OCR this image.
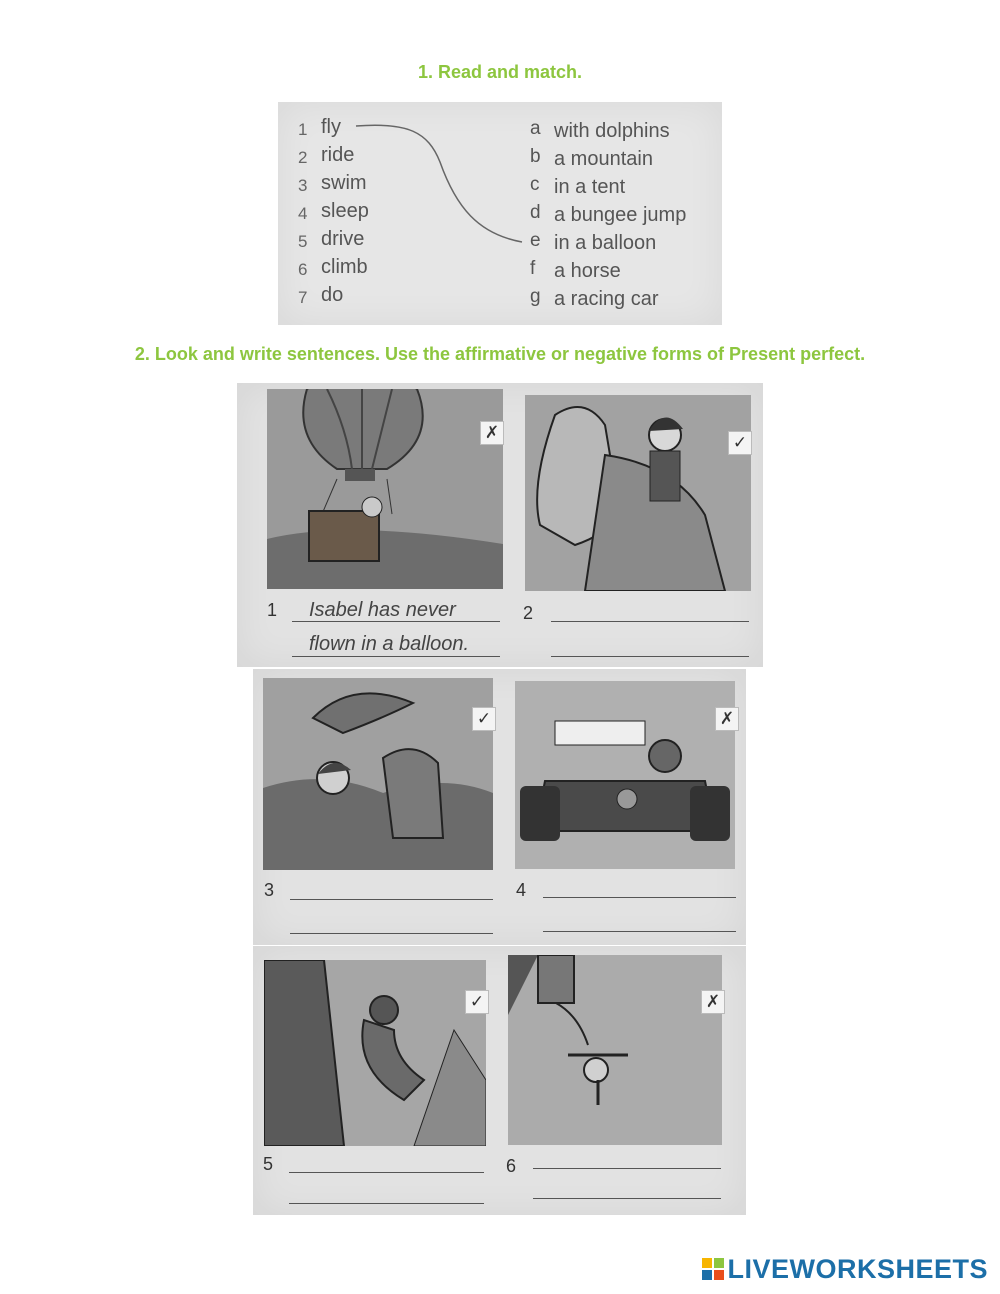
1. Read and match.
1 fly
2 ride
3 swim
4 sleep
5 drive
6 climb
7 do
a with dolphins
b a mountain
c in a tent
d a bungee jump
e in a balloon
f a horse
g a racing car
2. Look and write sentences. Use the affirmative or negative forms of Present perfect.
✗	✓
1 Isabel has never
flown in a balloon.
2
✓	✗
3	4
✓	✗
5	6
LIVEWORKSHEETS
